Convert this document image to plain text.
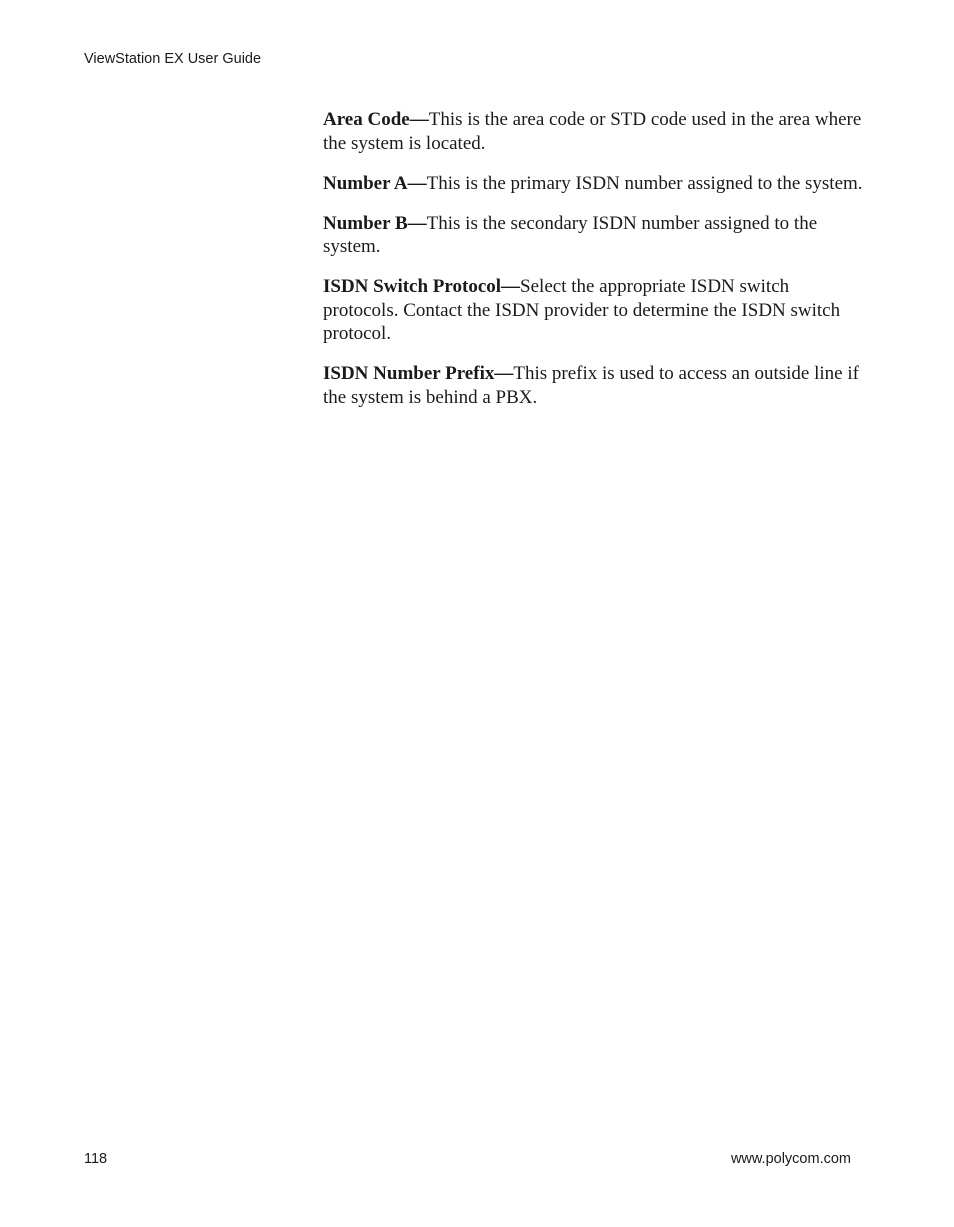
ViewStation EX User Guide

Area Code—This is the area code or STD code used in the area where the system is located.

Number A—This is the primary ISDN number assigned to the system.

Number B—This is the secondary ISDN number assigned to the system.

ISDN Switch Protocol—Select the appropriate ISDN switch protocols. Contact the ISDN provider to determine the ISDN switch protocol.

ISDN Number Prefix—This prefix is used to access an outside line if the system is behind a PBX.

118	www.polycom.com
